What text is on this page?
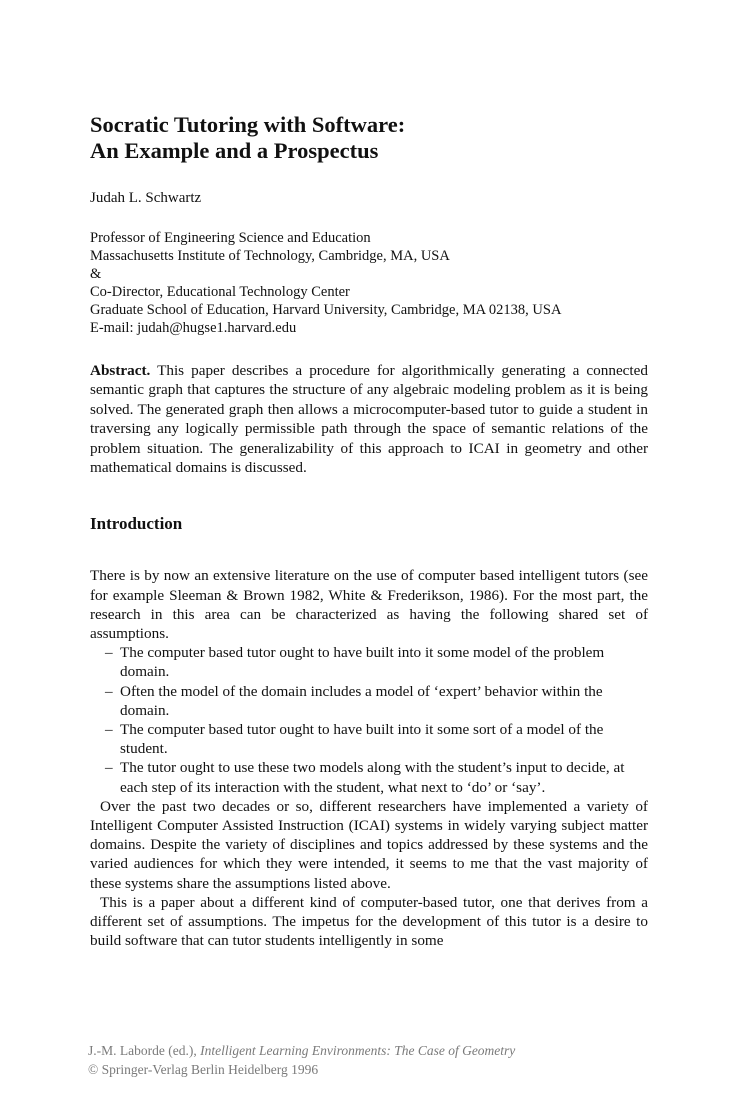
Socratic Tutoring with Software:
An Example and a Prospectus
Judah L. Schwartz
Professor of Engineering Science and Education
Massachusetts Institute of Technology, Cambridge, MA, USA
&
Co-Director, Educational Technology Center
Graduate School of Education, Harvard University, Cambridge, MA 02138, USA
E-mail: judah@hugse1.harvard.edu
Abstract. This paper describes a procedure for algorithmically generating a connected semantic graph that captures the structure of any algebraic modeling problem as it is being solved. The generated graph then allows a microcomputer-based tutor to guide a student in traversing any logically permissible path through the space of semantic relations of the problem situation. The generalizability of this approach to ICAI in geometry and other mathematical domains is discussed.
Introduction

There is by now an extensive literature on the use of computer based intelligent tutors (see for example Sleeman & Brown 1982, White & Frederikson, 1986). For the most part, the research in this area can be characterized as having the following shared set of assumptions.

– The computer based tutor ought to have built into it some model of the problem domain.
– Often the model of the domain includes a model of ‘expert’ behavior within the domain.
– The computer based tutor ought to have built into it some sort of a model of the student.
– The tutor ought to use these two models along with the student’s input to decide, at each step of its interaction with the student, what next to ‘do’ or ‘say’.

Over the past two decades or so, different researchers have implemented a variety of Intelligent Computer Assisted Instruction (ICAI) systems in widely varying subject matter domains. Despite the variety of disciplines and topics addressed by these systems and the varied audiences for which they were intended, it seems to me that the vast majority of these systems share the assumptions listed above.

This is a paper about a different kind of computer-based tutor, one that derives from a different set of assumptions. The impetus for the development of this tutor is a desire to build software that can tutor students intelligently in some

J.-M. Laborde (ed.), Intelligent Learning Environments: The Case of Geometry
© Springer-Verlag Berlin Heidelberg 1996
